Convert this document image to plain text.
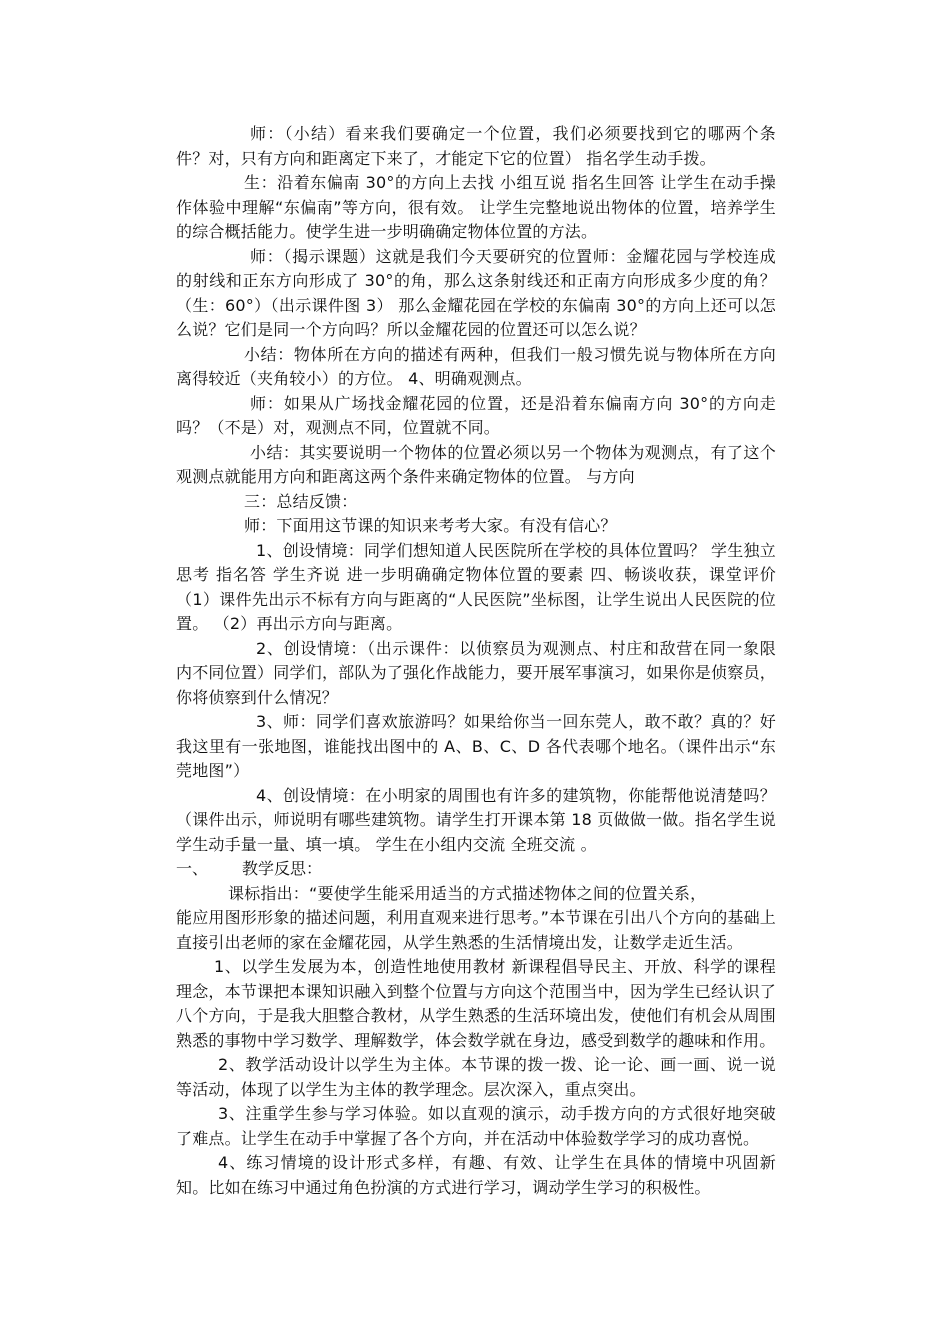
师：（小结）看来我们要确定一个位置，我们必须要找到它的哪两个条件？对，只有方向和距离定下来了，才能定下它的位置） 指名学生动手拨。

生：沿着东偏南 30°的方向上去找 小组互说 指名生回答 让学生在动手操作体验中理解“东偏南”等方向，很有效。 让学生完整地说出物体的位置，培养学生的综合概括能力。使学生进一步明确确定物体位置的方法。

师：（揭示课题）这就是我们今天要研究的位置师：金耀花园与学校连成的射线和正东方向形成了 30°的角，那么这条射线还和正南方向形成多少度的角？（生：60°）（出示课件图 3） 那么金耀花园在学校的东偏南 30°的方向上还可以怎么说？它们是同一个方向吗？所以金耀花园的位置还可以怎么说？

小结：物体所在方向的描述有两种，但我们一般习惯先说与物体所在方向离得较近（夹角较小）的方位。 4、明确观测点。

师：如果从广场找金耀花园的位置，还是沿着东偏南方向 30°的方向走吗？（不是）对，观测点不同，位置就不同。

小结：其实要说明一个物体的位置必须以另一个物体为观测点，有了这个观测点就能用方向和距离这两个条件来确定物体的位置。 与方向

三：总结反馈：

师：下面用这节课的知识来考考大家。有没有信心？

1、创设情境：同学们想知道人民医院所在学校的具体位置吗？ 学生独立思考 指名答 学生齐说 进一步明确确定物体位置的要素 四、畅谈收获，课堂评价（1）课件先出示不标有方向与距离的“人民医院”坐标图，让学生说出人民医院的位置。 （2）再出示方向与距离。

2、创设情境：（出示课件：以侦察员为观测点、村庄和敌营在同一象限内不同位置）同学们，部队为了强化作战能力，要开展军事演习，如果你是侦察员，你将侦察到什么情况？

3、师：同学们喜欢旅游吗？如果给你当一回东莞人，敢不敢？真的？好我这里有一张地图，谁能找出图中的 A、B、C、D 各代表哪个地名。（课件出示“东莞地图”）

4、创设情境：在小明家的周围也有许多的建筑物，你能帮他说清楚吗？（课件出示，师说明有哪些建筑物。请学生打开课本第 18 页做做一做。指名学生说学生动手量一量、填一填。 学生在小组内交流 全班交流 。

一、 教学反思：

课标指出：“要使学生能采用适当的方式描述物体之间的位置关系，

能应用图形形象的描述问题，利用直观来进行思考。”本节课在引出八个方向的基础上直接引出老师的家在金耀花园，从学生熟悉的生活情境出发，让数学走近生活。

1、以学生发展为本，创造性地使用教材 新课程倡导民主、开放、科学的课程理念，本节课把本课知识融入到整个位置与方向这个范围当中，因为学生已经认识了八个方向，于是我大胆整合教材，从学生熟悉的生活环境出发，使他们有机会从周围熟悉的事物中学习数学、理解数学，体会数学就在身边，感受到数学的趣味和作用。

2、教学活动设计以学生为主体。本节课的拨一拨、论一论、画一画、说一说等活动，体现了以学生为主体的教学理念。层次深入，重点突出。

3、注重学生参与学习体验。如以直观的演示，动手拨方向的方式很好地突破了难点。让学生在动手中掌握了各个方向，并在活动中体验数学学习的成功喜悦。

4、练习情境的设计形式多样，有趣、有效、让学生在具体的情境中巩固新知。比如在练习中通过角色扮演的方式进行学习，调动学生学习的积极性。
